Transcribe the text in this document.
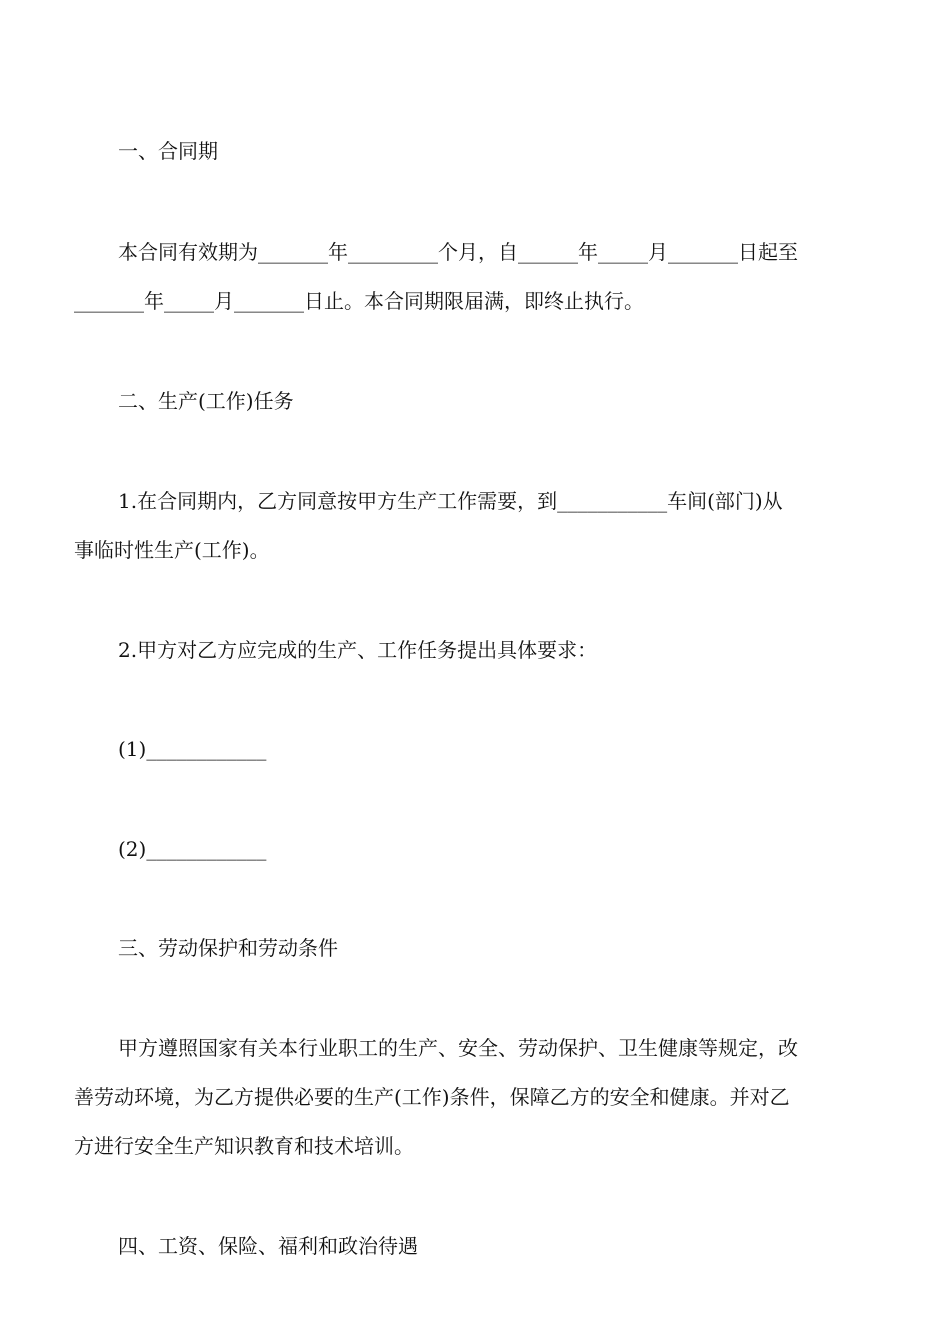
一、合同期
本合同有效期为_______年_________个月，自______年_____月_______日起至
_______年_____月_______日止。本合同期限届满，即终止执行。
二、生产(工作)任务
1.在合同期内，乙方同意按甲方生产工作需要，到___________车间(部门)从
事临时性生产(工作)。
2.甲方对乙方应完成的生产、工作任务提出具体要求：
(1)____________
(2)____________
三、劳动保护和劳动条件
甲方遵照国家有关本行业职工的生产、安全、劳动保护、卫生健康等规定，改
善劳动环境，为乙方提供必要的生产(工作)条件，保障乙方的安全和健康。并对乙
方进行安全生产知识教育和技术培训。
四、工资、保险、福利和政治待遇
